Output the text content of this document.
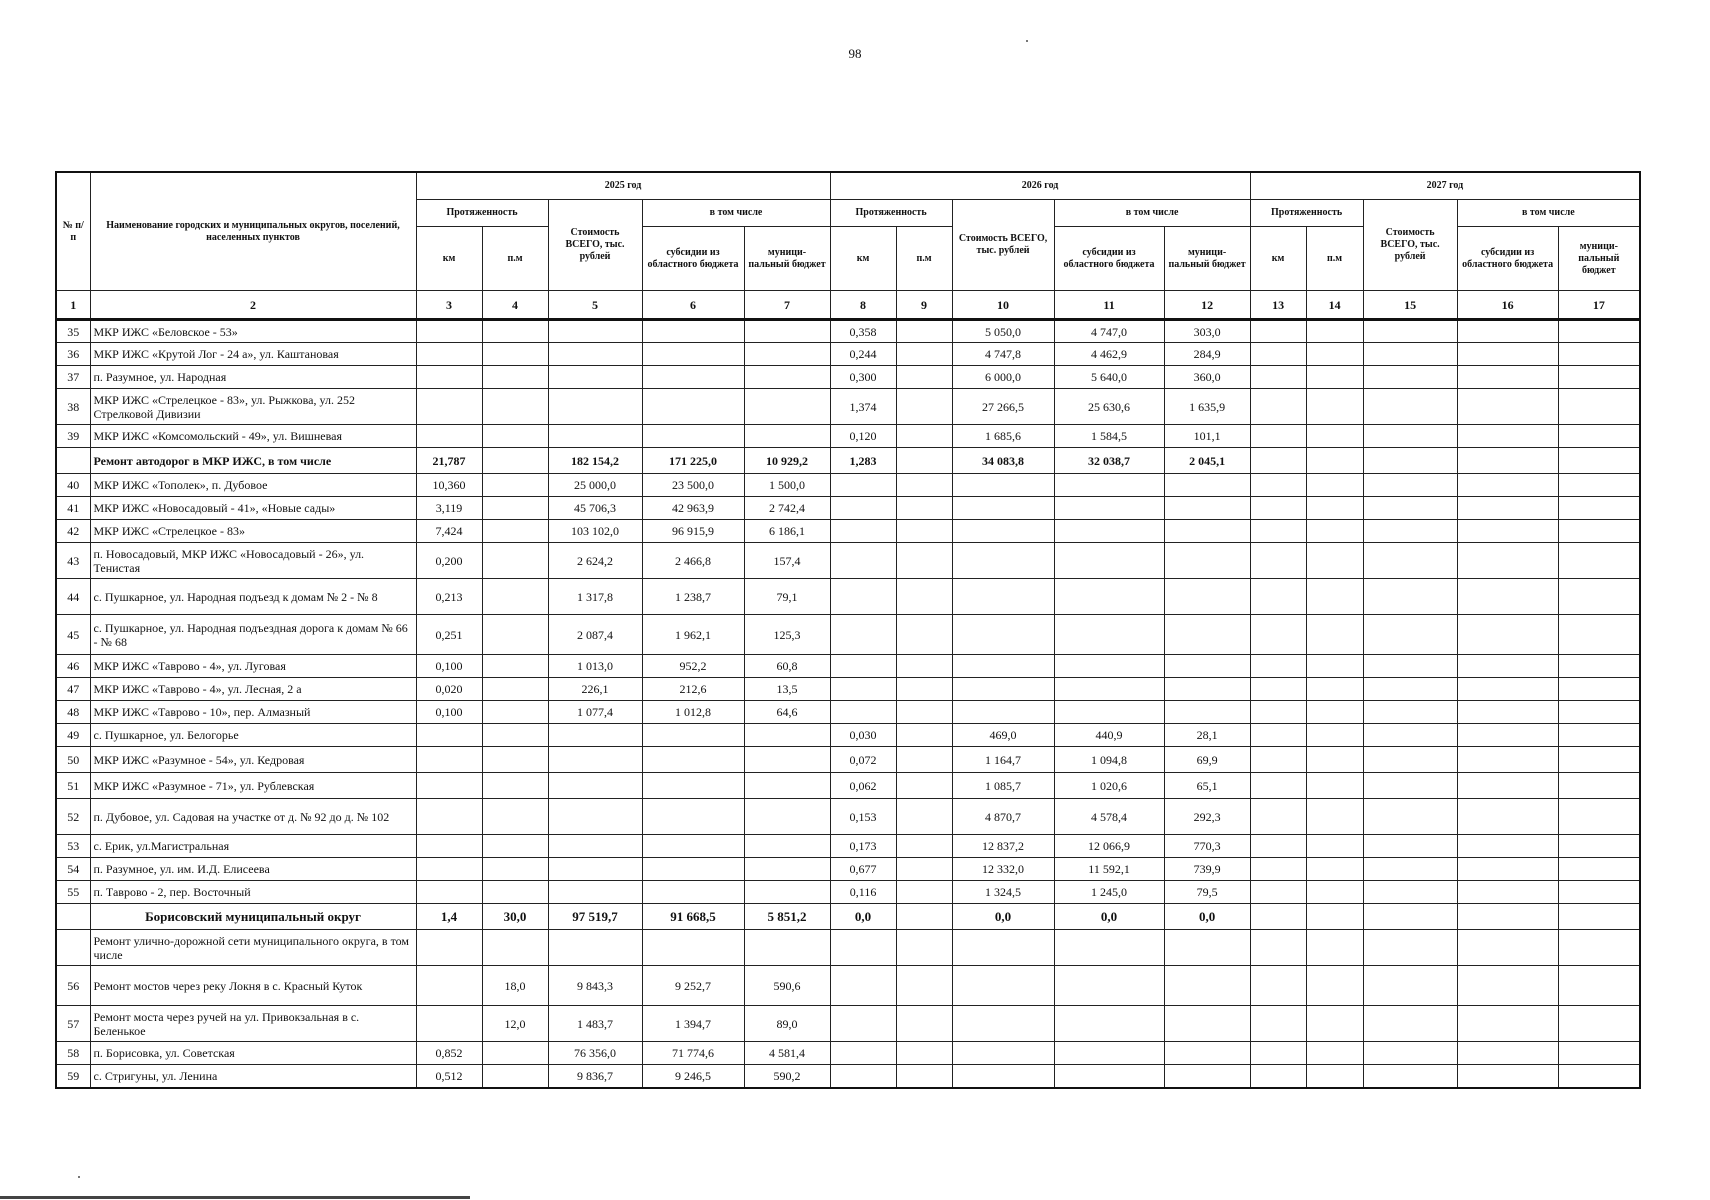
98
№ п/п	Наименование городских и муниципальных округов, поселений, населенных пунктов	2025 год					2026 год					2027 год				
		Протяженность		Стоимость ВСЕГО, тыс. рублей	в том числе		Протяженность		Стоимость ВСЕГО, тыс. рублей	в том числе		Протяженность		Стоимость ВСЕГО, тыс. рублей	в том числе	
		км	п.м		субсидии из областного бюджета	муници-пальный бюджет	км	п.м		субсидии из областного бюджета	муници-пальный бюджет	км	п.м		субсидии из областного бюджета	муници-пальный бюджет
1	2	3	4	5	6	7	8	9	10	11	12	13	14	15	16	17
35	МКР ИЖС «Беловское - 53»						0,358		5 050,0	4 747,0	303,0					
36	МКР ИЖС «Крутой Лог - 24 а», ул. Каштановая						0,244		4 747,8	4 462,9	284,9					
37	п. Разумное, ул. Народная						0,300		6 000,0	5 640,0	360,0					
38	МКР ИЖС «Стрелецкое - 83», ул. Рыжкова, ул. 252 Стрелковой Дивизии						1,374		27 266,5	25 630,6	1 635,9					
39	МКР ИЖС «Комсомольский - 49», ул. Вишневая						0,120		1 685,6	1 584,5	101,1					
	Ремонт автодорог в МКР ИЖС, в том числе	21,787		182 154,2	171 225,0	10 929,2	1,283		34 083,8	32 038,7	2 045,1					
40	МКР ИЖС «Тополек», п. Дубовое	10,360		25 000,0	23 500,0	1 500,0										
41	МКР ИЖС «Новосадовый - 41», «Новые сады»	3,119		45 706,3	42 963,9	2 742,4										
42	МКР ИЖС «Стрелецкое - 83»	7,424		103 102,0	96 915,9	6 186,1										
43	п. Новосадовый, МКР ИЖС «Новосадовый - 26», ул. Тенистая	0,200		2 624,2	2 466,8	157,4										
44	с. Пушкарное, ул. Народная подъезд к домам № 2 - № 8	0,213		1 317,8	1 238,7	79,1										
45	с. Пушкарное, ул. Народная подъездная дорога к домам № 66 - № 68	0,251		2 087,4	1 962,1	125,3										
46	МКР ИЖС «Таврово - 4», ул. Луговая	0,100		1 013,0	952,2	60,8										
47	МКР ИЖС «Таврово - 4», ул. Лесная, 2 а	0,020		226,1	212,6	13,5										
48	МКР ИЖС «Таврово - 10», пер. Алмазный	0,100		1 077,4	1 012,8	64,6										
49	с. Пушкарное, ул. Белогорье						0,030		469,0	440,9	28,1					
50	МКР ИЖС «Разумное - 54», ул. Кедровая						0,072		1 164,7	1 094,8	69,9					
51	МКР ИЖС «Разумное - 71», ул. Рублевская						0,062		1 085,7	1 020,6	65,1					
52	п. Дубовое, ул. Садовая на участке от д. № 92 до д. № 102						0,153		4 870,7	4 578,4	292,3					
53	с. Ерик, ул.Магистральная						0,173		12 837,2	12 066,9	770,3					
54	п. Разумное, ул. им. И.Д. Елисеева						0,677		12 332,0	11 592,1	739,9					
55	п. Таврово - 2, пер. Восточный						0,116		1 324,5	1 245,0	79,5					
	Борисовский муниципальный округ	1,4	30,0	97 519,7	91 668,5	5 851,2	0,0		0,0	0,0	0,0					
	Ремонт улично-дорожной сети муниципального округа, в том числе															
56	Ремонт мостов через реку Локня в с. Красный Куток		18,0	9 843,3	9 252,7	590,6										
57	Ремонт моста через ручей на ул. Привокзальная в с. Беленькое		12,0	1 483,7	1 394,7	89,0										
58	п. Борисовка, ул. Советская	0,852		76 356,0	71 774,6	4 581,4										
59	с. Стригуны, ул. Ленина	0,512		9 836,7	9 246,5	590,2										
